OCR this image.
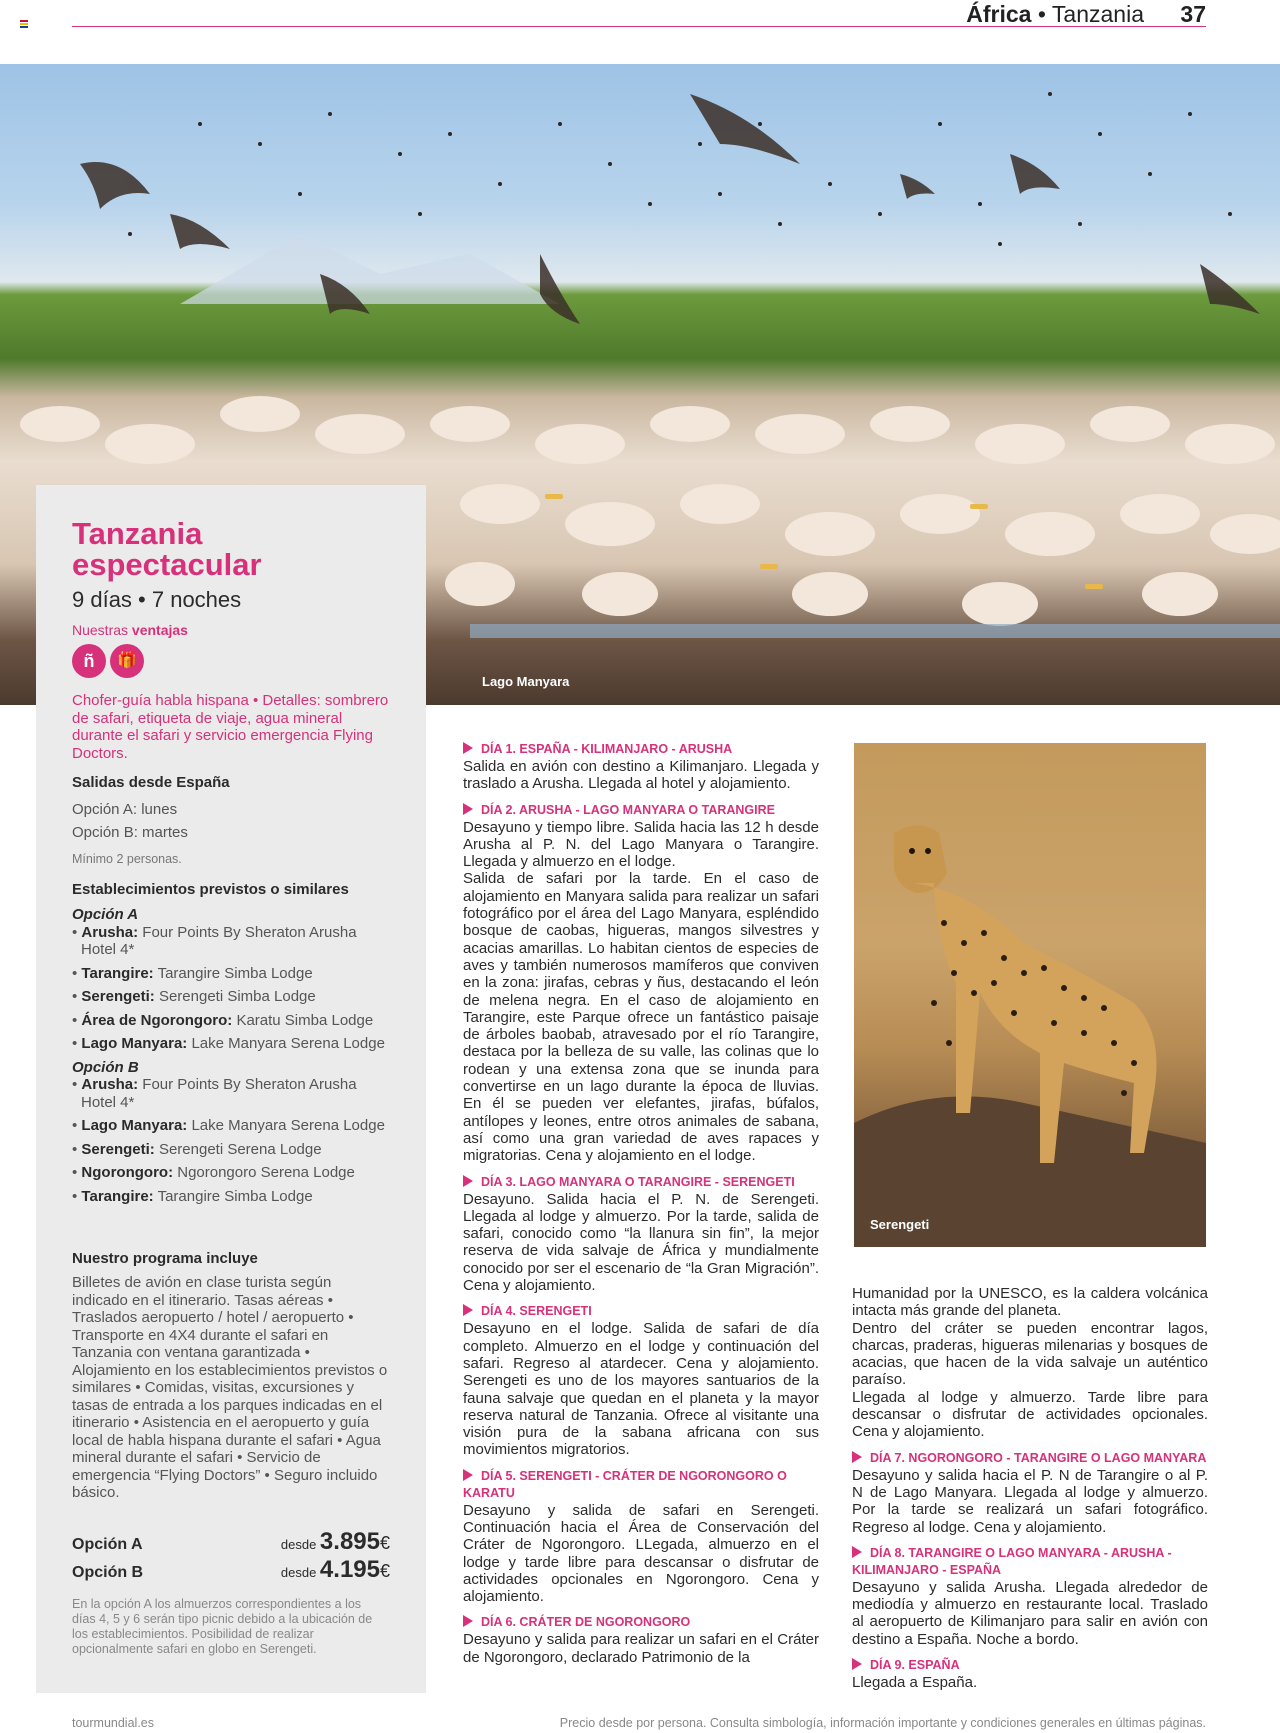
África • Tanzania 37
Lago Manyara
Tanzania
espectacular
9 días • 7 noches
Nuestras ventajas
ñ	🎁
Chofer-guía habla hispana • Detalles: sombrero de safari, etiqueta de viaje, agua mineral durante el safari y servicio emergencia Flying Doctors.
Salidas desde España
Opción A: lunes
Opción B: martes
Mínimo 2 personas.
Establecimientos previstos o similares
Opción A
• Arusha: Four Points By Sheraton Arusha Hotel 4*
• Tarangire: Tarangire Simba Lodge
• Serengeti: Serengeti Simba Lodge
• Área de Ngorongoro: Karatu Simba Lodge
• Lago Manyara: Lake Manyara Serena Lodge
Opción B
• Arusha: Four Points By Sheraton Arusha Hotel 4*
• Lago Manyara: Lake Manyara Serena Lodge
• Serengeti: Serengeti Serena Lodge
• Ngorongoro: Ngorongoro Serena Lodge
• Tarangire: Tarangire Simba Lodge
Nuestro programa incluye
Billetes de avión en clase turista según indicado en el itinerario. Tasas aéreas • Traslados aeropuerto / hotel / aeropuerto • Transporte en 4X4 durante el safari en Tanzania con ventana garantizada • Alojamiento en los establecimientos previstos o similares • Comidas, visitas, excursiones y tasas de entrada a los parques indicadas en el itinerario • Asistencia en el aeropuerto y guía local de habla hispana durante el safari • Agua mineral durante el safari • Servicio de emergencia “Flying Doctors” • Seguro incluido básico.
Opción A	desde 3.895€
Opción B	desde 4.195€
En la opción A los almuerzos correspondientes a los días 4, 5 y 6 serán tipo picnic debido a la ubicación de los establecimientos. Posibilidad de realizar opcionalmente safari en globo en Serengeti.
DÍA 1. ESPAÑA - KILIMANJARO - ARUSHA

Salida en avión con destino a Kilimanjaro. Llegada y traslado a Arusha. Llegada al hotel y alojamiento.

DÍA 2. ARUSHA - LAGO MANYARA O TARANGIRE

Desayuno y tiempo libre. Salida hacia las 12 h desde Arusha al P. N. del Lago Manyara o Tarangire. Llegada y almuerzo en el lodge.

Salida de safari por la tarde. En el caso de alojamiento en Manyara salida para realizar un safari fotográfico por el área del Lago Manyara, espléndido bosque de caobas, higueras, mangos silvestres y acacias amarillas. Lo habitan cientos de especies de aves y también numerosos mamíferos que conviven en la zona: jirafas, cebras y ñus, destacando el león de melena negra. En el caso de alojamiento en Tarangire, este Parque ofrece un fantástico paisaje de árboles baobab, atravesado por el río Tarangire, destaca por la belleza de su valle, las colinas que lo rodean y una extensa zona que se inunda para convertirse en un lago durante la época de lluvias. En él se pueden ver elefantes, jirafas, búfalos, antílopes y leones, entre otros animales de sabana, así como una gran variedad de aves rapaces y migratorias. Cena y alojamiento en el lodge.

DÍA 3. LAGO MANYARA O TARANGIRE - SERENGETI

Desayuno. Salida hacia el P. N. de Serengeti. Llegada al lodge y almuerzo. Por la tarde, salida de safari, conocido como “la llanura sin fin”, la mejor reserva de vida salvaje de África y mundialmente conocido por ser el escenario de “la Gran Migración”. Cena y alojamiento.

DÍA 4. SERENGETI

Desayuno en el lodge. Salida de safari de día completo. Almuerzo en el lodge y continuación del safari. Regreso al atardecer. Cena y alojamiento. Serengeti es uno de los mayores santuarios de la fauna salvaje que quedan en el planeta y la mayor reserva natural de Tanzania. Ofrece al visitante una visión pura de la sabana africana con sus movimientos migratorios.

DÍA 5. SERENGETI - CRÁTER DE NGORONGORO O KARATU

Desayuno y salida de safari en Serengeti. Continuación hacia el Área de Conservación del Cráter de Ngorongoro. LLegada, almuerzo en el lodge y tarde libre para descansar o disfrutar de actividades opcionales en Ngorongoro. Cena y alojamiento.

DÍA 6. CRÁTER DE NGORONGORO

Desayuno y salida para realizar un safari en el Cráter de Ngorongoro, declarado Patrimonio de la

Serengeti

Humanidad por la UNESCO, es la caldera volcánica intacta más grande del planeta.

Dentro del cráter se pueden encontrar lagos, charcas, praderas, higueras milenarias y bosques de acacias, que hacen de la vida salvaje un auténtico paraíso.

Llegada al lodge y almuerzo. Tarde libre para descansar o disfrutar de actividades opcionales. Cena y alojamiento.

DÍA 7. NGORONGORO - TARANGIRE O LAGO MANYARA

Desayuno y salida hacia el P. N de Tarangire o al P. N de Lago Manyara. Llegada al lodge y almuerzo. Por la tarde se realizará un safari fotográfico. Regreso al lodge. Cena y alojamiento.

DÍA 8. TARANGIRE O LAGO MANYARA - ARUSHA - KILIMANJARO - ESPAÑA

Desayuno y salida Arusha. Llegada alrededor de mediodía y almuerzo en restaurante local. Traslado al aeropuerto de Kilimanjaro para salir en avión con destino a España. Noche a bordo.

DÍA 9. ESPAÑA

Llegada a España.

tourmundial.es	Precio desde por persona. Consulta simbología, información importante y condiciones generales en últimas páginas.
